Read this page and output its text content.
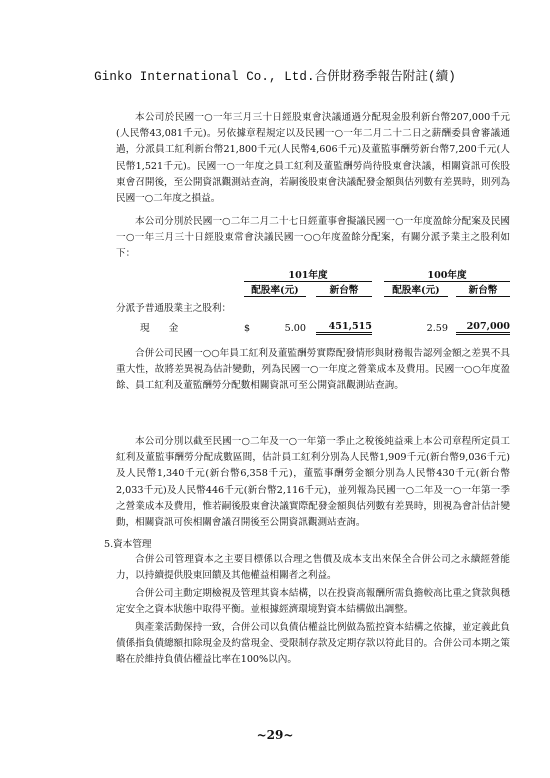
Ginko International Co., Ltd.合併財務季報告附註(續)

本公司於民國一○一年三月三十日經股東會決議通過分配現金股利新台幣207,000千元(人民幣43,081千元)。另依據章程規定以及民國一○一年二月二十二日之薪酬委員會審議通過，分派員工紅利新台幣21,800千元(人民幣4,606千元)及董監事酬勞新台幣7,200千元(人民幣1,521千元)。民國一○一年度之員工紅利及董監酬勞尚待股東會決議，相關資訊可俟股東會召開後，至公開資訊觀測站查詢，若嗣後股東會決議配發金額與估列數有差異時，則列為民國一○二年度之損益。

本公司分別於民國一○二年二月二十七日經董事會擬議民國一○一年度盈餘分配案及民國一○一年三月三十日經股東常會決議民國一○○年度盈餘分配案，有關分派予業主之股利如下：

	101年度					100年度		
	配股率(元)			新台幣		配股率(元)		新台幣
分派予普通股業主之股利：								
現　　金	$	5.00		451,515		2.59		207,000

合併公司民國一○○年員工紅利及董監酬勞實際配發情形與財務報告認列金額之差異不具重大性，故將差異視為估計變動，列為民國一○一年度之營業成本及費用。民國一○○年度盈餘、員工紅利及董監酬勞分配數相關資訊可至公開資訊觀測站查詢。

本公司分別以截至民國一○二年及一○一年第一季止之稅後純益乘上本公司章程所定員工紅利及董監事酬勞分配成數區間，估計員工紅利分別為人民幣1,909千元(新台幣9,036千元)及人民幣1,340千元(新台幣6,358千元)，董監事酬勞金額分別為人民幣430千元(新台幣2,033千元)及人民幣446千元(新台幣2,116千元)，並列報為民國一○二年及一○一年第一季之營業成本及費用，惟若嗣後股東會決議實際配發金額與估列數有差異時，則視為會計估計變動，相關資訊可俟相關會議召開後至公開資訊觀測站查詢。

5.資本管理

合併公司管理資本之主要目標係以合理之售價及成本支出來保全合併公司之永續經營能力，以持續提供股東回饋及其他權益相關者之利益。

合併公司主動定期檢視及管理其資本結構，以在投資高報酬所需負擔較高比重之貸款與穩定安全之資本狀態中取得平衡。並根據經濟環境對資本結構做出調整。

與產業活動保持一致，合併公司以負債佔權益比例做為監控資本結構之依據，並定義此負債係指負債總額扣除現金及約當現金、受限制存款及定期存款以符此目的。合併公司本期之策略在於維持負債佔權益比率在100%以內。

~29~
